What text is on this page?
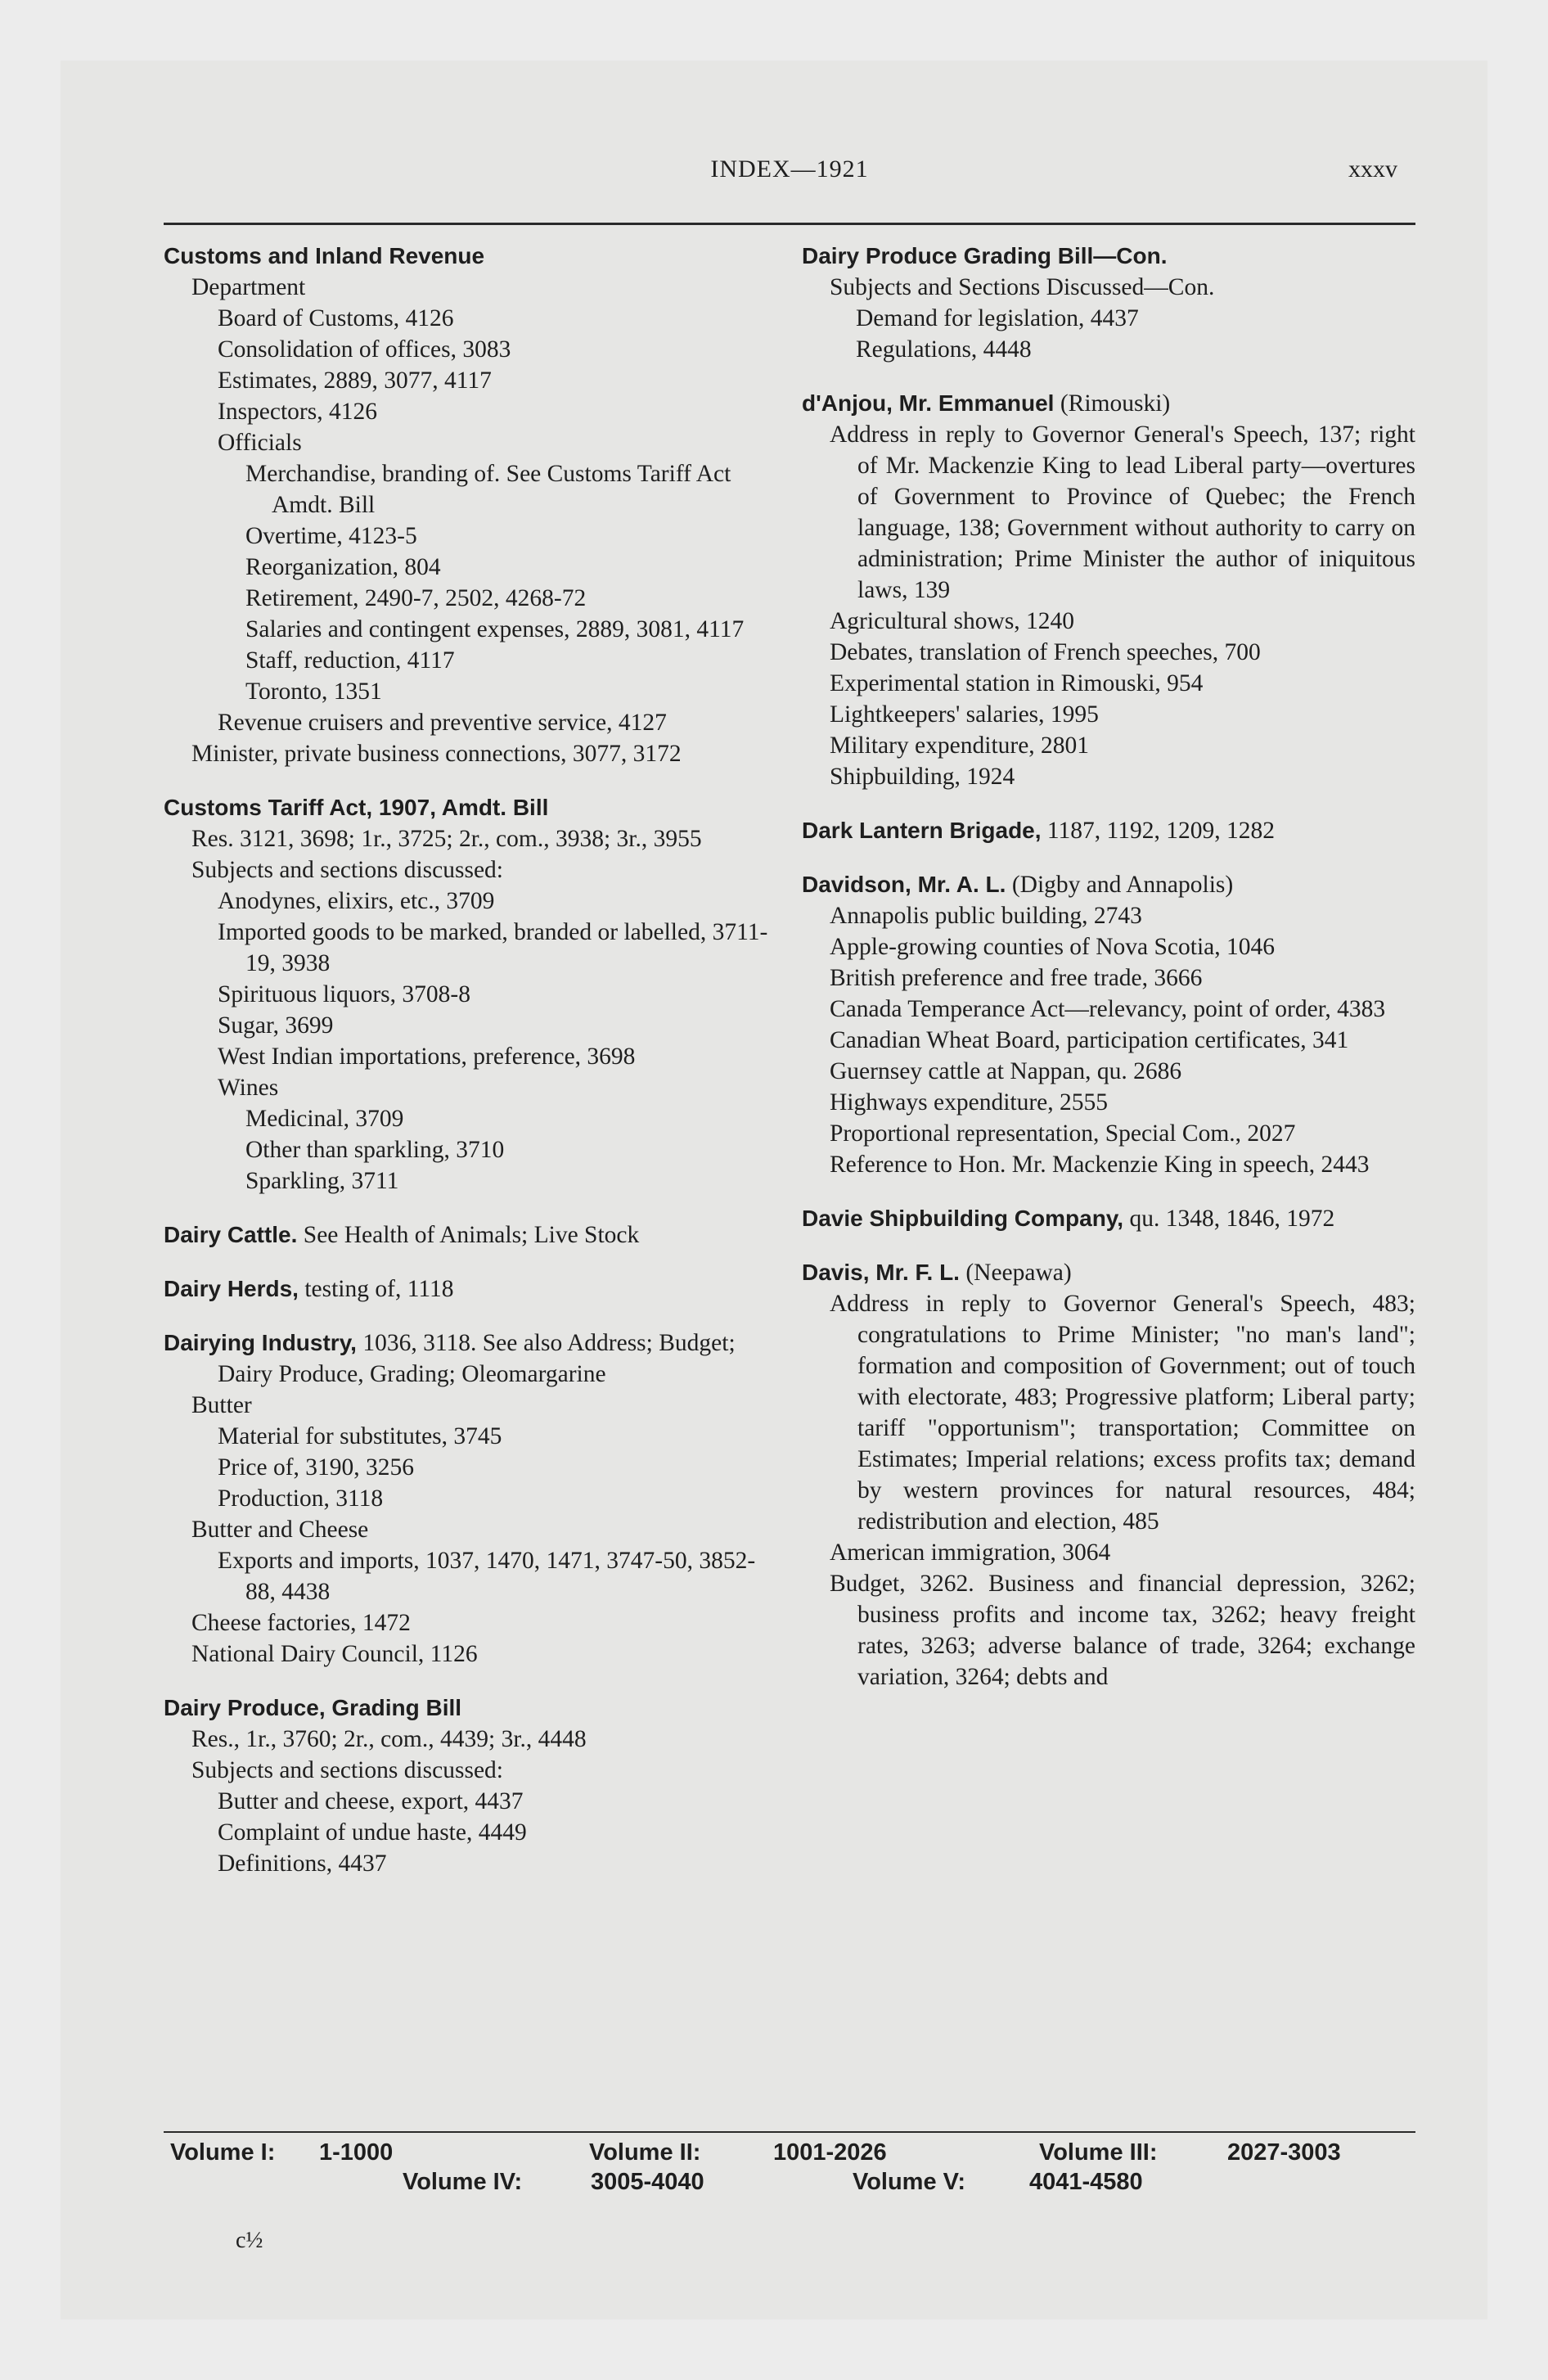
INDEX—1921	xxxv
Customs and Inland Revenue
Department
Board of Customs, 4126
Consolidation of offices, 3083
Estimates, 2889, 3077, 4117
Inspectors, 4126
Officials
Merchandise, branding of. See Customs Tariff Act Amdt. Bill
Overtime, 4123-5
Reorganization, 804
Retirement, 2490-7, 2502, 4268-72
Salaries and contingent expenses, 2889, 3081, 4117
Staff, reduction, 4117
Toronto, 1351
Revenue cruisers and preventive service, 4127
Minister, private business connections, 3077, 3172
Customs Tariff Act, 1907, Amdt. Bill
Res. 3121, 3698; 1r., 3725; 2r., com., 3938; 3r., 3955
Subjects and sections discussed:
Anodynes, elixirs, etc., 3709
Imported goods to be marked, branded or labelled, 3711-19, 3938
Spirituous liquors, 3708-8
Sugar, 3699
West Indian importations, preference, 3698
Wines
Medicinal, 3709
Other than sparkling, 3710
Sparkling, 3711
Dairy Cattle. See Health of Animals; Live Stock
Dairy Herds, testing of, 1118
Dairying Industry, 1036, 3118. See also Address; Budget; Dairy Produce, Grading; Oleomargarine
Butter
Material for substitutes, 3745
Price of, 3190, 3256
Production, 3118
Butter and Cheese
Exports and imports, 1037, 1470, 1471, 3747-50, 3852-88, 4438
Cheese factories, 1472
National Dairy Council, 1126
Dairy Produce, Grading Bill
Res., 1r., 3760; 2r., com., 4439; 3r., 4448
Subjects and sections discussed:
Butter and cheese, export, 4437
Complaint of undue haste, 4449
Definitions, 4437
Dairy Produce Grading Bill—Con.
Subjects and Sections Discussed—Con.
Demand for legislation, 4437
Regulations, 4448
d'Anjou, Mr. Emmanuel (Rimouski)
Address in reply to Governor General's Speech, 137; right of Mr. Mackenzie King to lead Liberal party—overtures of Government to Province of Quebec; the French language, 138; Government without authority to carry on administration; Prime Minister the author of iniquitous laws, 139
Agricultural shows, 1240
Debates, translation of French speeches, 700
Experimental station in Rimouski, 954
Lightkeepers' salaries, 1995
Military expenditure, 2801
Shipbuilding, 1924
Dark Lantern Brigade, 1187, 1192, 1209, 1282
Davidson, Mr. A. L. (Digby and Annapolis)
Annapolis public building, 2743
Apple-growing counties of Nova Scotia, 1046
British preference and free trade, 3666
Canada Temperance Act—relevancy, point of order, 4383
Canadian Wheat Board, participation certificates, 341
Guernsey cattle at Nappan, qu. 2686
Highways expenditure, 2555
Proportional representation, Special Com., 2027
Reference to Hon. Mr. Mackenzie King in speech, 2443
Davie Shipbuilding Company, qu. 1348, 1846, 1972
Davis, Mr. F. L. (Neepawa)
Address in reply to Governor General's Speech, 483; congratulations to Prime Minister; "no man's land"; formation and composition of Government; out of touch with electorate, 483; Progressive platform; Liberal party; tariff "opportunism"; transportation; Committee on Estimates; Imperial relations; excess profits tax; demand by western provinces for natural resources, 484; redistribution and election, 485
American immigration, 3064
Budget, 3262. Business and financial depression, 3262; business profits and income tax, 3262; heavy freight rates, 3263; adverse balance of trade, 3264; exchange variation, 3264; debts and
Volume I: 1-1000	Volume II:	1001-2026	Volume III:	2027-3003
Volume IV:	3005-4040	Volume V:	4041-4580
c½
